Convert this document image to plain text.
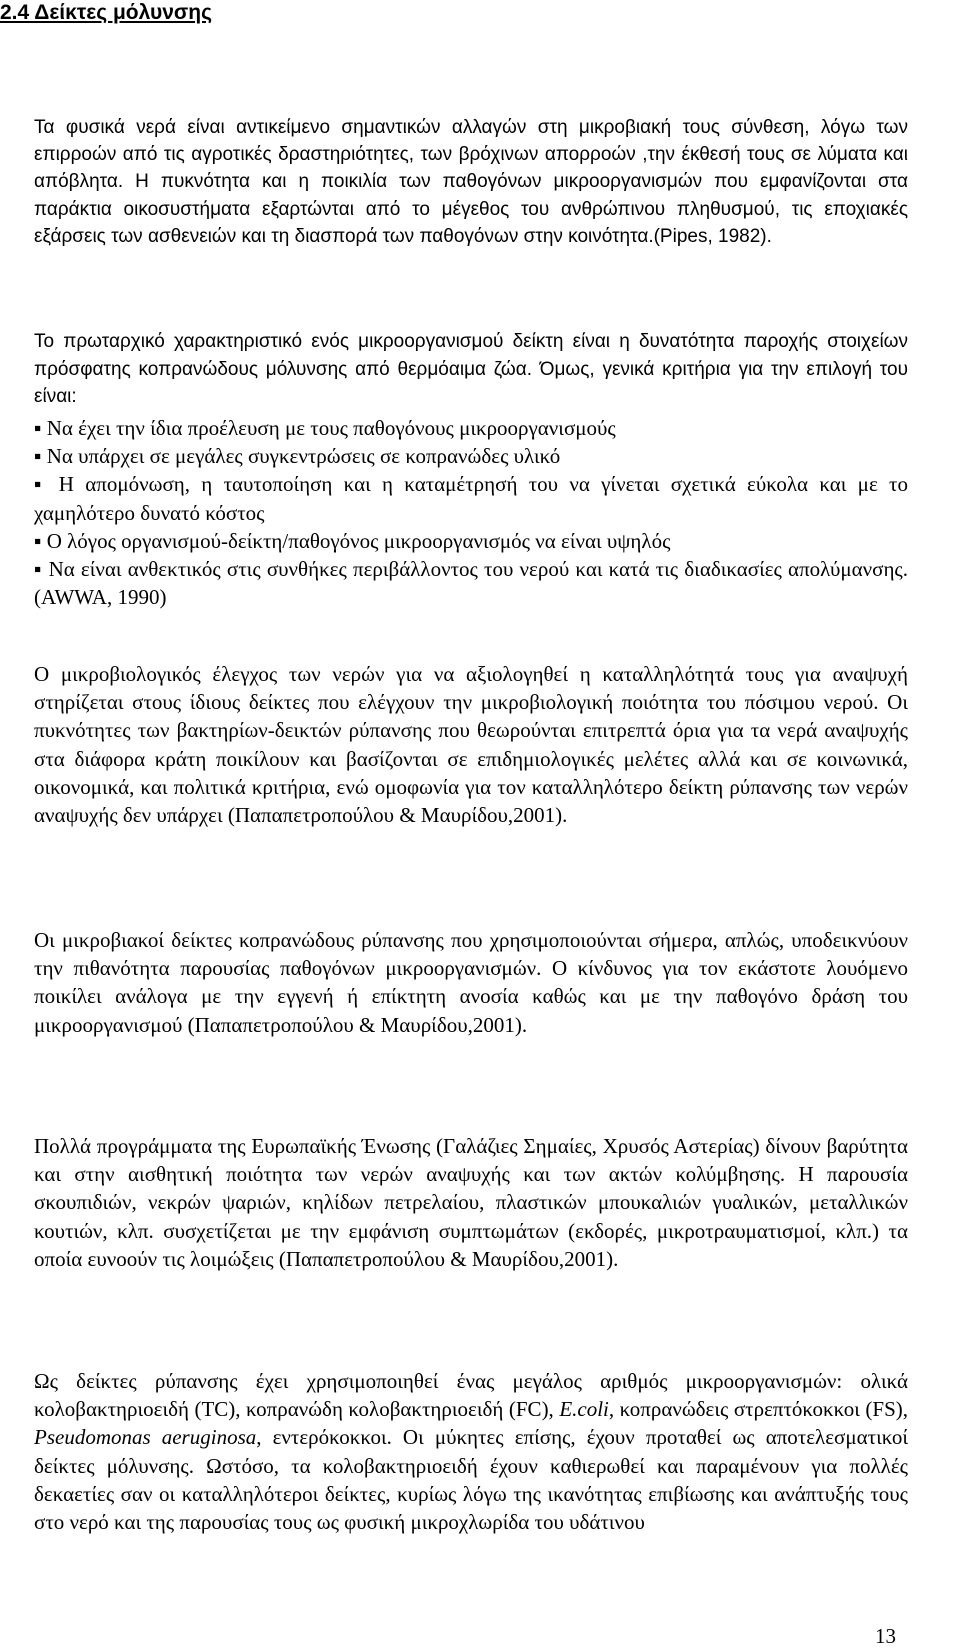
2.4 Δείκτες μόλυνσης

Τα φυσικά νερά είναι αντικείμενο σημαντικών αλλαγών στη μικροβιακή τους σύνθεση, λόγω των επιρροών από τις αγροτικές δραστηριότητες, των βρόχινων απορροών ,την έκθεσή τους σε λύματα και απόβλητα. Η πυκνότητα και η ποικιλία των παθογόνων μικροοργανισμών που εμφανίζονται στα παράκτια οικοσυστήματα εξαρτώνται από το μέγεθος του ανθρώπινου πληθυσμού, τις εποχιακές εξάρσεις των ασθενειών και τη διασπορά των παθογόνων στην κοινότητα.(Pipes, 1982).

Το πρωταρχικό χαρακτηριστικό ενός μικροοργανισμού δείκτη είναι η δυνατότητα παροχής στοιχείων πρόσφατης κοπρανώδους μόλυνσης από θερμόαιμα ζώα. Όμως, γενικά κριτήρια για την επιλογή του είναι:

▪ Να έχει την ίδια προέλευση με τους παθογόνους μικροοργανισμούς
▪ Να υπάρχει σε μεγάλες συγκεντρώσεις σε κοπρανώδες υλικό
▪ Η απομόνωση, η ταυτοποίηση και η καταμέτρησή του να γίνεται σχετικά εύκολα και με το χαμηλότερο δυνατό κόστος
▪ Ο λόγος οργανισμού-δείκτη/παθογόνος μικροοργανισμός να είναι υψηλός
▪ Να είναι ανθεκτικός στις συνθήκες περιβάλλοντος του νερού και κατά τις διαδικασίες απολύμανσης.(AWWA, 1990)

Ο μικροβιολογικός έλεγχος των νερών για να αξιολογηθεί η καταλληλότητά τους για αναψυχή στηρίζεται στους ίδιους δείκτες που ελέγχουν την μικροβιολογική ποιότητα του πόσιμου νερού. Οι πυκνότητες των βακτηρίων-δεικτών ρύπανσης που θεωρούνται επιτρεπτά όρια για τα νερά αναψυχής στα διάφορα κράτη ποικίλουν και βασίζονται σε επιδημιολογικές μελέτες αλλά και σε κοινωνικά, οικονομικά, και πολιτικά κριτήρια, ενώ ομοφωνία για τον καταλληλότερο δείκτη ρύπανσης των νερών αναψυχής δεν υπάρχει (Παπαπετροπούλου & Μαυρίδου,2001).

Οι μικροβιακοί δείκτες κοπρανώδους ρύπανσης που χρησιμοποιούνται σήμερα, απλώς, υποδεικνύουν την πιθανότητα παρουσίας παθογόνων μικροοργανισμών. Ο κίνδυνος για τον εκάστοτε λουόμενο ποικίλει ανάλογα με την εγγενή ή επίκτητη ανοσία καθώς και με την παθογόνο δράση του μικροοργανισμού (Παπαπετροπούλου & Μαυρίδου,2001).

Πολλά προγράμματα της Ευρωπαϊκής Ένωσης (Γαλάζιες Σημαίες, Χρυσός Αστερίας) δίνουν βαρύτητα και στην αισθητική ποιότητα των νερών αναψυχής και των ακτών κολύμβησης. Η παρουσία σκουπιδιών, νεκρών ψαριών, κηλίδων πετρελαίου, πλαστικών μπουκαλιών γυαλικών, μεταλλικών κουτιών, κλπ. συσχετίζεται με την εμφάνιση συμπτωμάτων (εκδορές, μικροτραυματισμοί, κλπ.) τα οποία ευνοούν τις λοιμώξεις (Παπαπετροπούλου & Μαυρίδου,2001).

Ως δείκτες ρύπανσης έχει χρησιμοποιηθεί ένας μεγάλος αριθμός μικροοργανισμών: ολικά κολοβακτηριοειδή (TC), κοπρανώδη κολοβακτηριοειδή (FC), E.coli, κοπρανώδεις στρεπτόκοκκοι (FS), Pseudomonas aeruginosa, εντερόκοκκοι. Οι μύκητες επίσης, έχουν προταθεί ως αποτελεσματικοί δείκτες μόλυνσης. Ωστόσο, τα κολοβακτηριοειδή έχουν καθιερωθεί και παραμένουν για πολλές δεκαετίες σαν οι καταλληλότεροι δείκτες, κυρίως λόγω της ικανότητας επιβίωσης και ανάπτυξής τους στο νερό και της παρουσίας τους ως φυσική μικροχλωρίδα του υδάτινου

13
